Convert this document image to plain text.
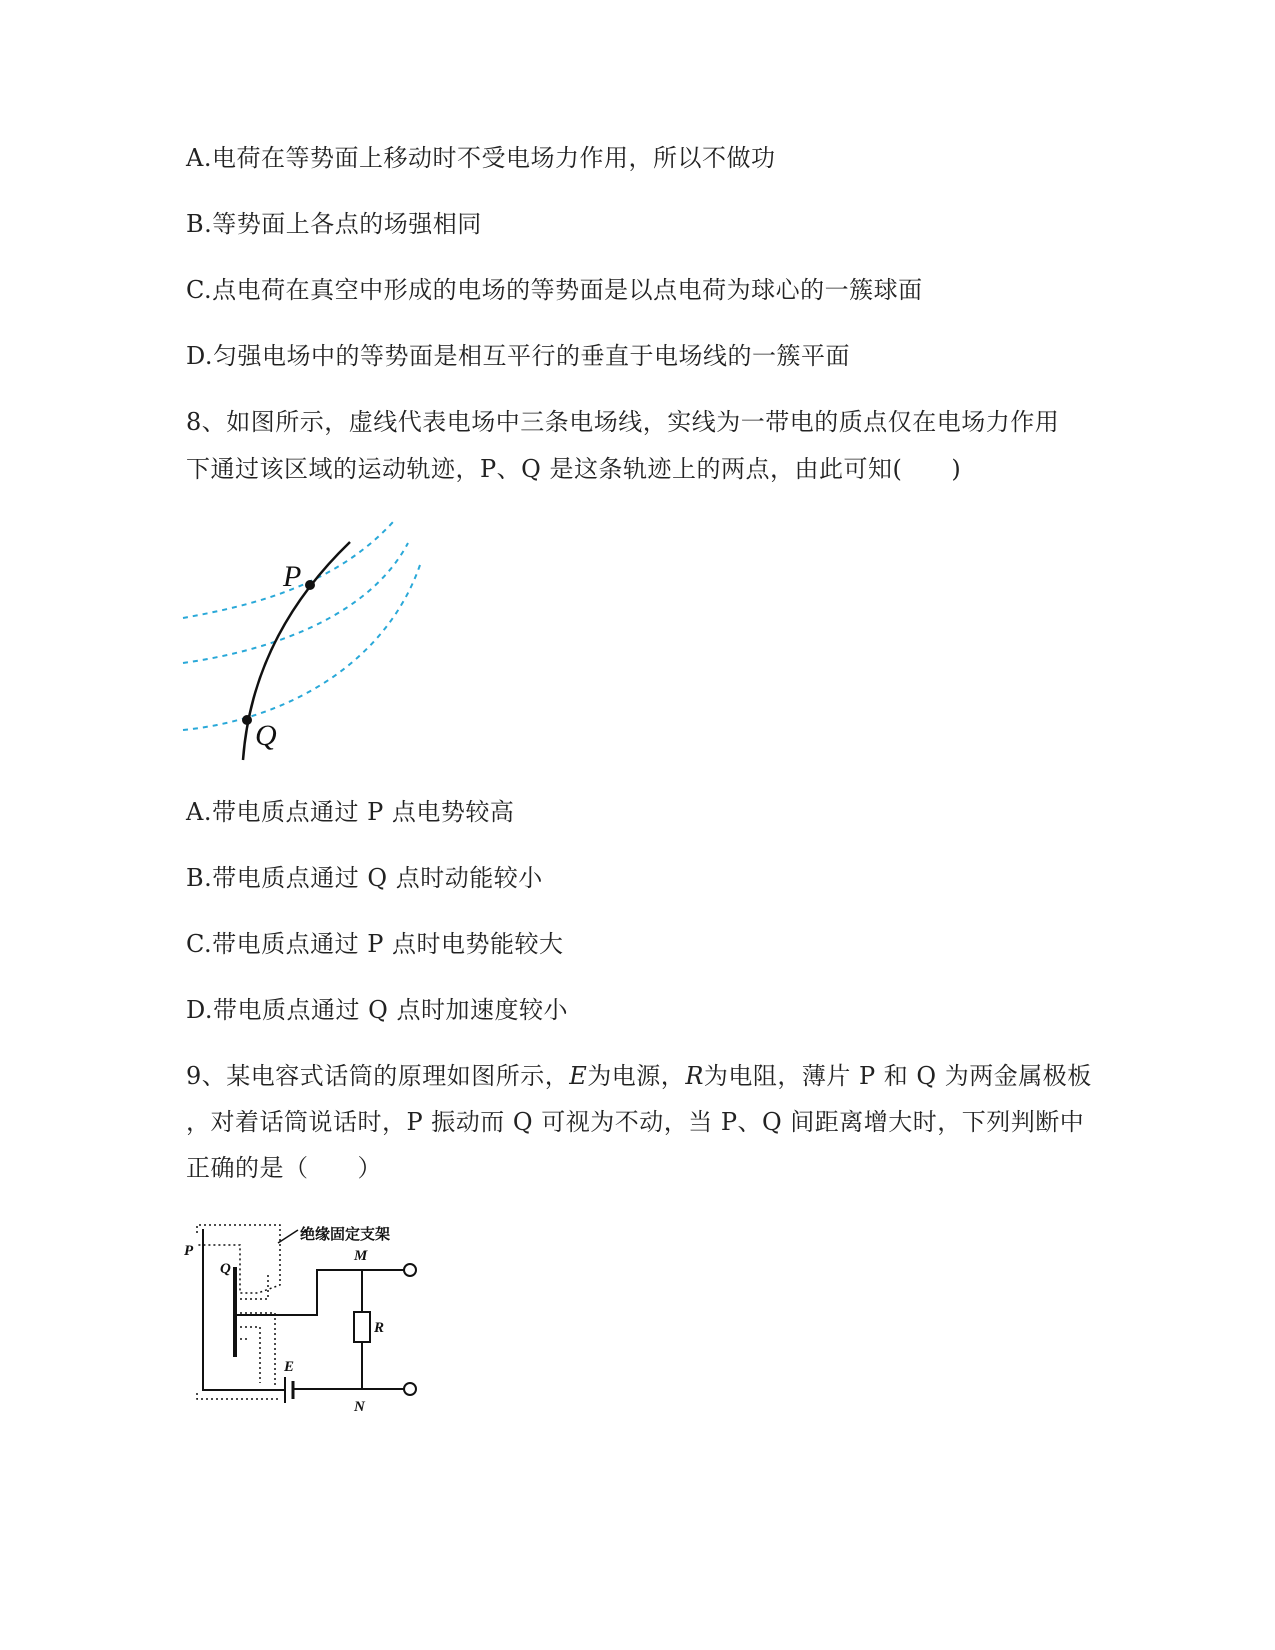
A.电荷在等势面上移动时不受电场力作用，所以不做功
B.等势面上各点的场强相同
C.点电荷在真空中形成的电场的等势面是以点电荷为球心的一簇球面
D.匀强电场中的等势面是相互平行的垂直于电场线的一簇平面
8、如图所示，虚线代表电场中三条电场线，实线为一带电的质点仅在电场力作用
下通过该区域的运动轨迹，P、Q 是这条轨迹上的两点，由此可知(　　)
P
Q
A.带电质点通过 P 点电势较高
B.带电质点通过 Q 点时动能较小
C.带电质点通过 P 点时电势能较大
D.带电质点通过 Q 点时加速度较小
9、某电容式话筒的原理如图所示，E为电源，R为电阻，薄片 P 和 Q 为两金属极板
，对着话筒说话时，P 振动而 Q 可视为不动，当 P、Q 间距离增大时，下列判断中
正确的是（　　）
绝缘固定支架
P
Q
M
R
E
N
